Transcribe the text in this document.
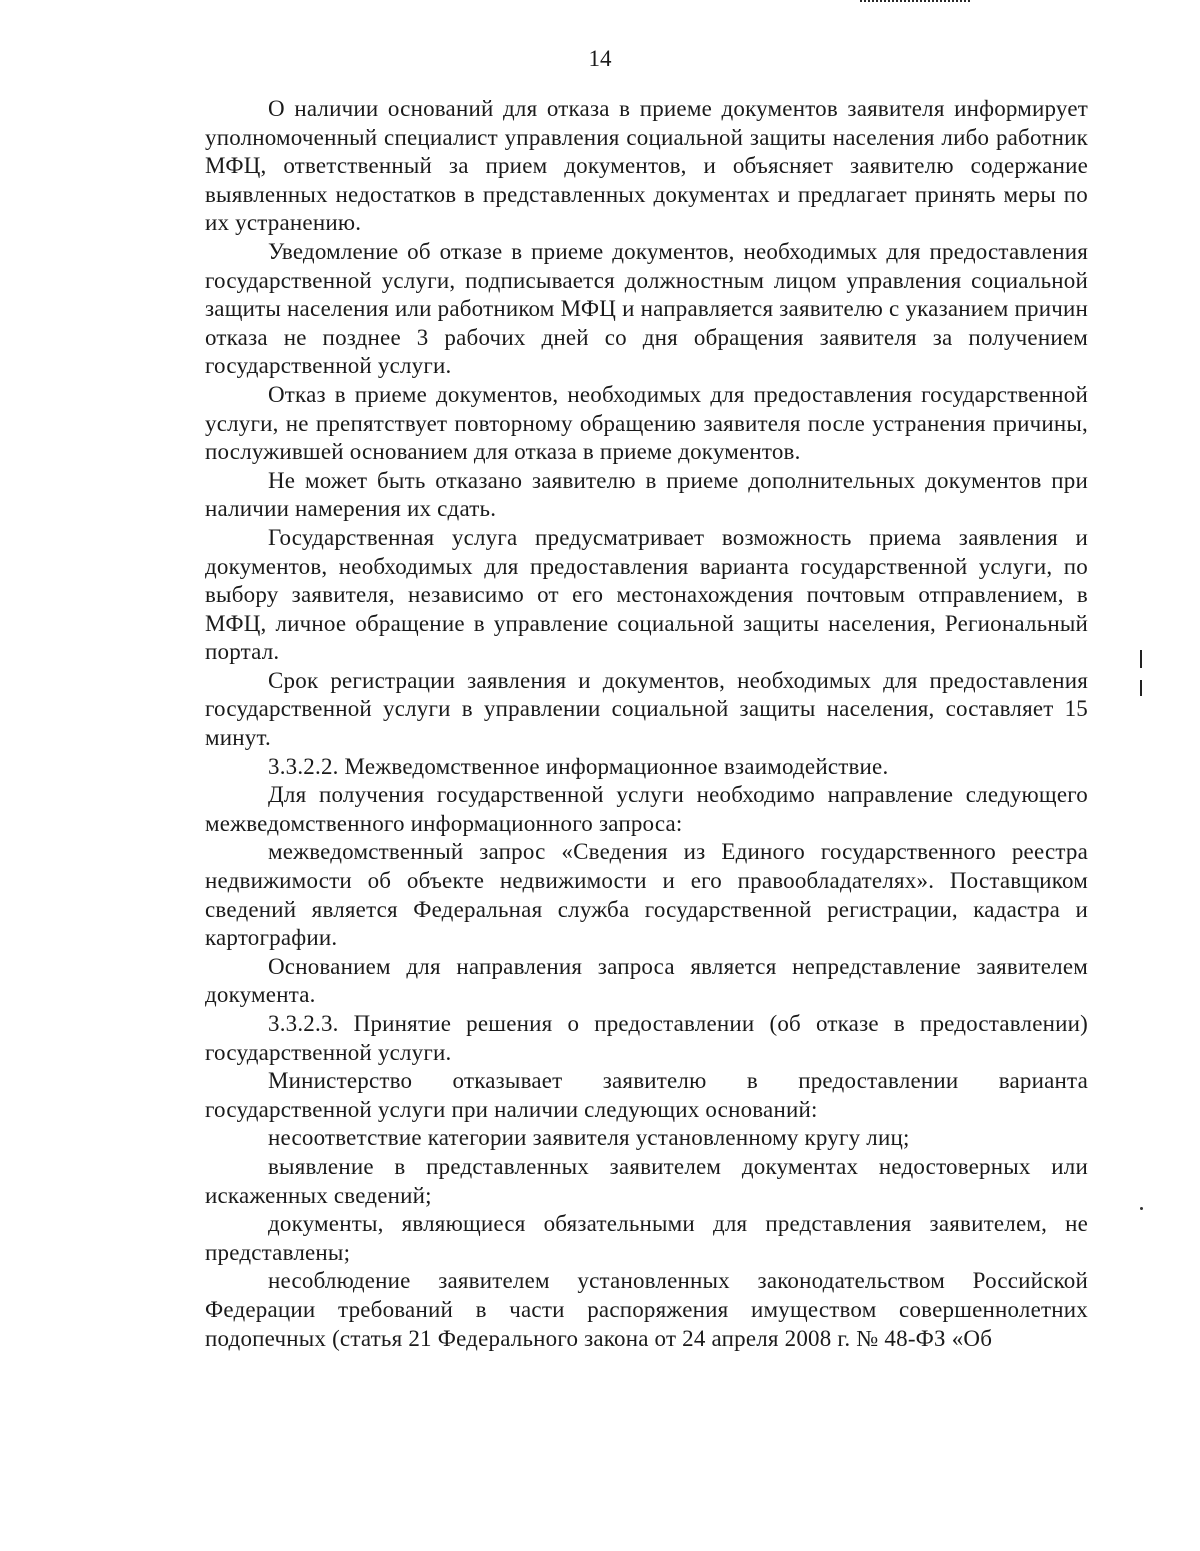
14

О наличии оснований для отказа в приеме документов заявителя информирует уполномоченный специалист управления социальной защиты населения либо работник МФЦ, ответственный за прием документов, и объясняет заявителю содержание выявленных недостатков в представленных документах и предлагает принять меры по их устранению.

Уведомление об отказе в приеме документов, необходимых для предоставления государственной услуги, подписывается должностным лицом управления социальной защиты населения или работником МФЦ и направляется заявителю с указанием причин отказа не позднее 3 рабочих дней со дня обращения заявителя за получением государственной услуги.

Отказ в приеме документов, необходимых для предоставления государственной услуги, не препятствует повторному обращению заявителя после устранения причины, послужившей основанием для отказа в приеме документов.

Не может быть отказано заявителю в приеме дополнительных документов при наличии намерения их сдать.

Государственная услуга предусматривает возможность приема заявления и документов, необходимых для предоставления варианта государственной услуги, по выбору заявителя, независимо от его местонахождения почтовым отправлением, в МФЦ, личное обращение в управление социальной защиты населения, Региональный портал.

Срок регистрации заявления и документов, необходимых для предоставления государственной услуги в управлении социальной защиты населения, составляет 15 минут.

3.3.2.2. Межведомственное информационное взаимодействие.

Для получения государственной услуги необходимо направление следующего межведомственного информационного запроса:

межведомственный запрос «Сведения из Единого государственного реестра недвижимости об объекте недвижимости и его правообладателях». Поставщиком сведений является Федеральная служба государственной регистрации, кадастра и картографии.

Основанием для направления запроса является непредставление заявителем документа.

3.3.2.3. Принятие решения о предоставлении (об отказе в предоставлении) государственной услуги.

Министерство отказывает заявителю в предоставлении варианта государственной услуги при наличии следующих оснований:

несоответствие категории заявителя установленному кругу лиц;

выявление в представленных заявителем документах недостоверных или искаженных сведений;

документы, являющиеся обязательными для представления заявителем, не представлены;

несоблюдение заявителем установленных законодательством Российской Федерации требований в части распоряжения имуществом совершеннолетних подопечных (статья 21 Федерального закона от 24 апреля 2008 г. № 48-ФЗ «Об
